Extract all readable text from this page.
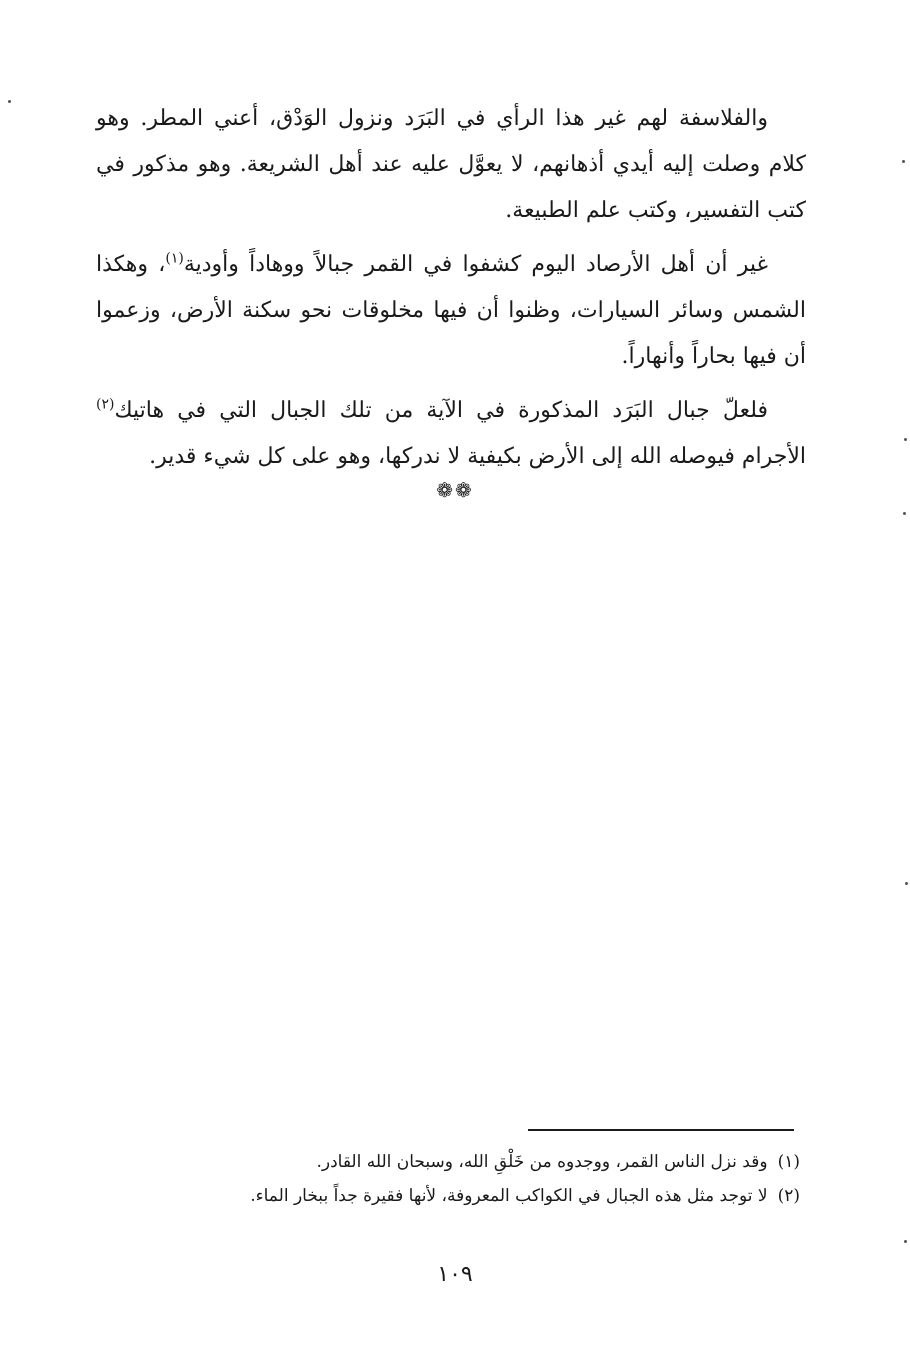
والفلاسفة لهم غير هذا الرأي في البَرَد ونزول الوَدْق، أعني المطر. وهو كلام وصلت إليه أيدي أذهانهم، لا يعوَّل عليه عند أهل الشريعة. وهو مذكور في كتب التفسير، وكتب علم الطبيعة.

غير أن أهل الأرصاد اليوم كشفوا في القمر جبالاً ووهاداً وأودية$^{(١)}$، وهكذا الشمس وسائر السيارات، وظنوا أن فيها مخلوقات نحو سكنة الأرض، وزعموا أن فيها بحاراً وأنهاراً.

فلعلّ جبال البَرَد المذكورة في الآية من تلك الجبال التي في هاتيك$^{(٢)}$ الأجرام فيوصله الله إلى الأرض بكيفية لا ندركها، وهو على كل شيء قدير.

❁❁
(١)وقد نزل الناس القمر، ووجدوه من خَلْقِ الله، وسبحان الله القادر.
(٢)لا توجد مثل هذه الجبال في الكواكب المعروفة، لأنها فقيرة جداً ببخار الماء.
١٠٩
